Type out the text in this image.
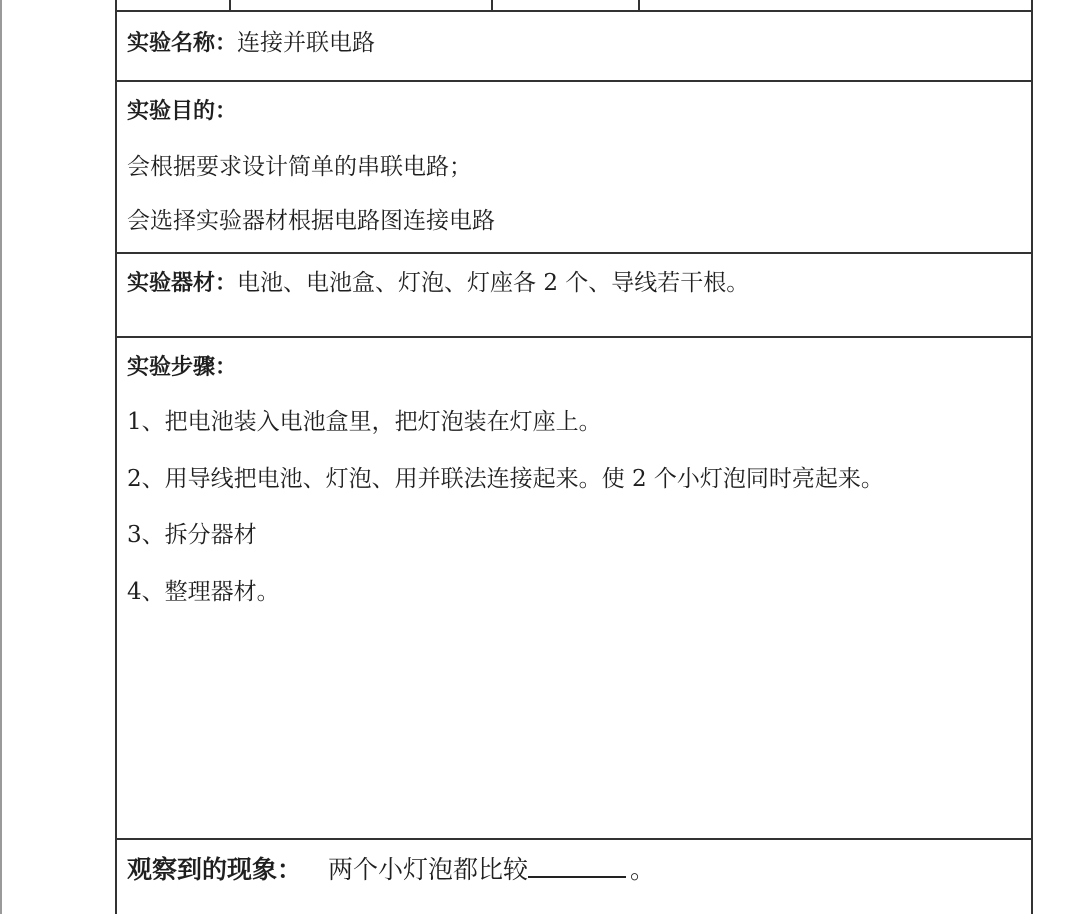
实验名称：连接并联电路
实验目的：
会根据要求设计简单的串联电路；
会选择实验器材根据电路图连接电路
实验器材：电池、电池盒、灯泡、灯座各 2 个、导线若干根。
实验步骤：
1、把电池装入电池盒里，把灯泡装在灯座上。
2、用导线把电池、灯泡、用并联法连接起来。使 2 个小灯泡同时亮起来。
3、拆分器材
4、整理器材。
观察到的现象： 两个小灯泡都比较	。
